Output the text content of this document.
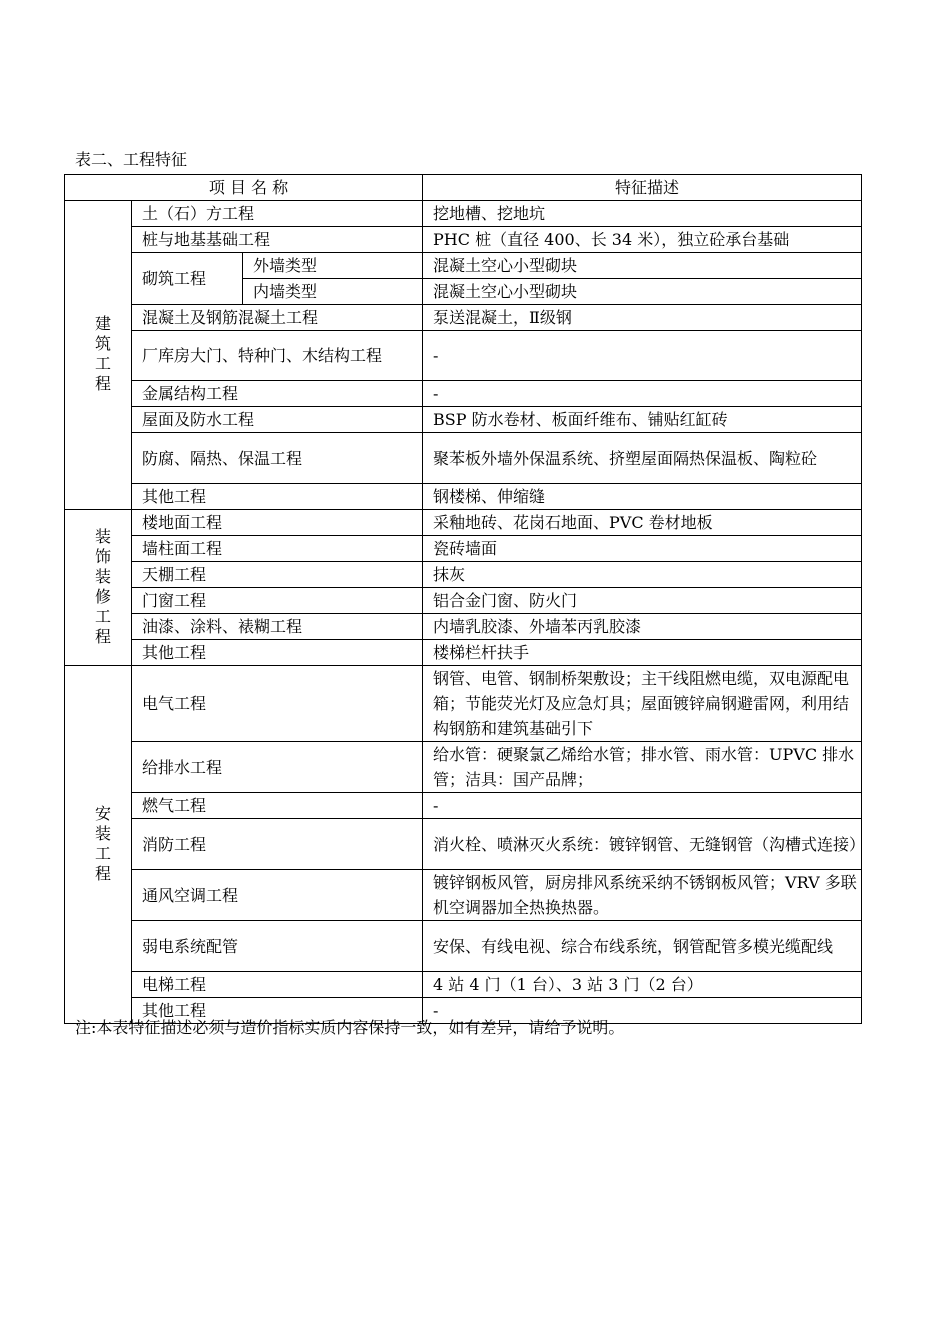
表二、工程特征
项 目 名 称			特征描述
建筑工程	土（石）方工程		挖地槽、挖地坑
	桩与地基基础工程		PHC 桩（直径 400、长 34 米），独立砼承台基础
	砌筑工程	外墙类型	混凝土空心小型砌块
		内墙类型	混凝土空心小型砌块
	混凝土及钢筋混凝土工程		泵送混凝土，Ⅱ级钢
	厂库房大门、特种门、木结构工程		-
	金属结构工程		-
	屋面及防水工程		BSP 防水卷材、板面纤维布、铺贴红缸砖
	防腐、隔热、保温工程		聚苯板外墙外保温系统、挤塑屋面隔热保温板、陶粒砼
	其他工程		钢楼梯、伸缩缝
装饰装修工程	楼地面工程		采釉地砖、花岗石地面、PVC 卷材地板
	墙柱面工程		瓷砖墙面
	天棚工程		抹灰
	门窗工程		铝合金门窗、防火门
	油漆、涂料、裱糊工程		内墙乳胶漆、外墙苯丙乳胶漆
	其他工程		楼梯栏杆扶手
安装工程	电气工程		钢管、电管、钢制桥架敷设；主干线阻燃电缆，双电源配电箱；节能荧光灯及应急灯具；屋面镀锌扁钢避雷网，利用结构钢筋和建筑基础引下
	给排水工程		给水管：硬聚氯乙烯给水管；排水管、雨水管：UPVC 排水管；洁具：国产品牌；
	燃气工程		-
	消防工程		消火栓、喷淋灭火系统：镀锌钢管、无缝钢管（沟槽式连接）
	通风空调工程		镀锌钢板风管，厨房排风系统采纳不锈钢板风管；VRV 多联机空调器加全热换热器。
	弱电系统配管		安保、有线电视、综合布线系统，钢管配管多模光缆配线
	电梯工程		4 站 4 门（1 台）、3 站 3 门（2 台）
	其他工程		-
注:本表特征描述必须与造价指标实质内容保持一致，如有差异，请给予说明。
